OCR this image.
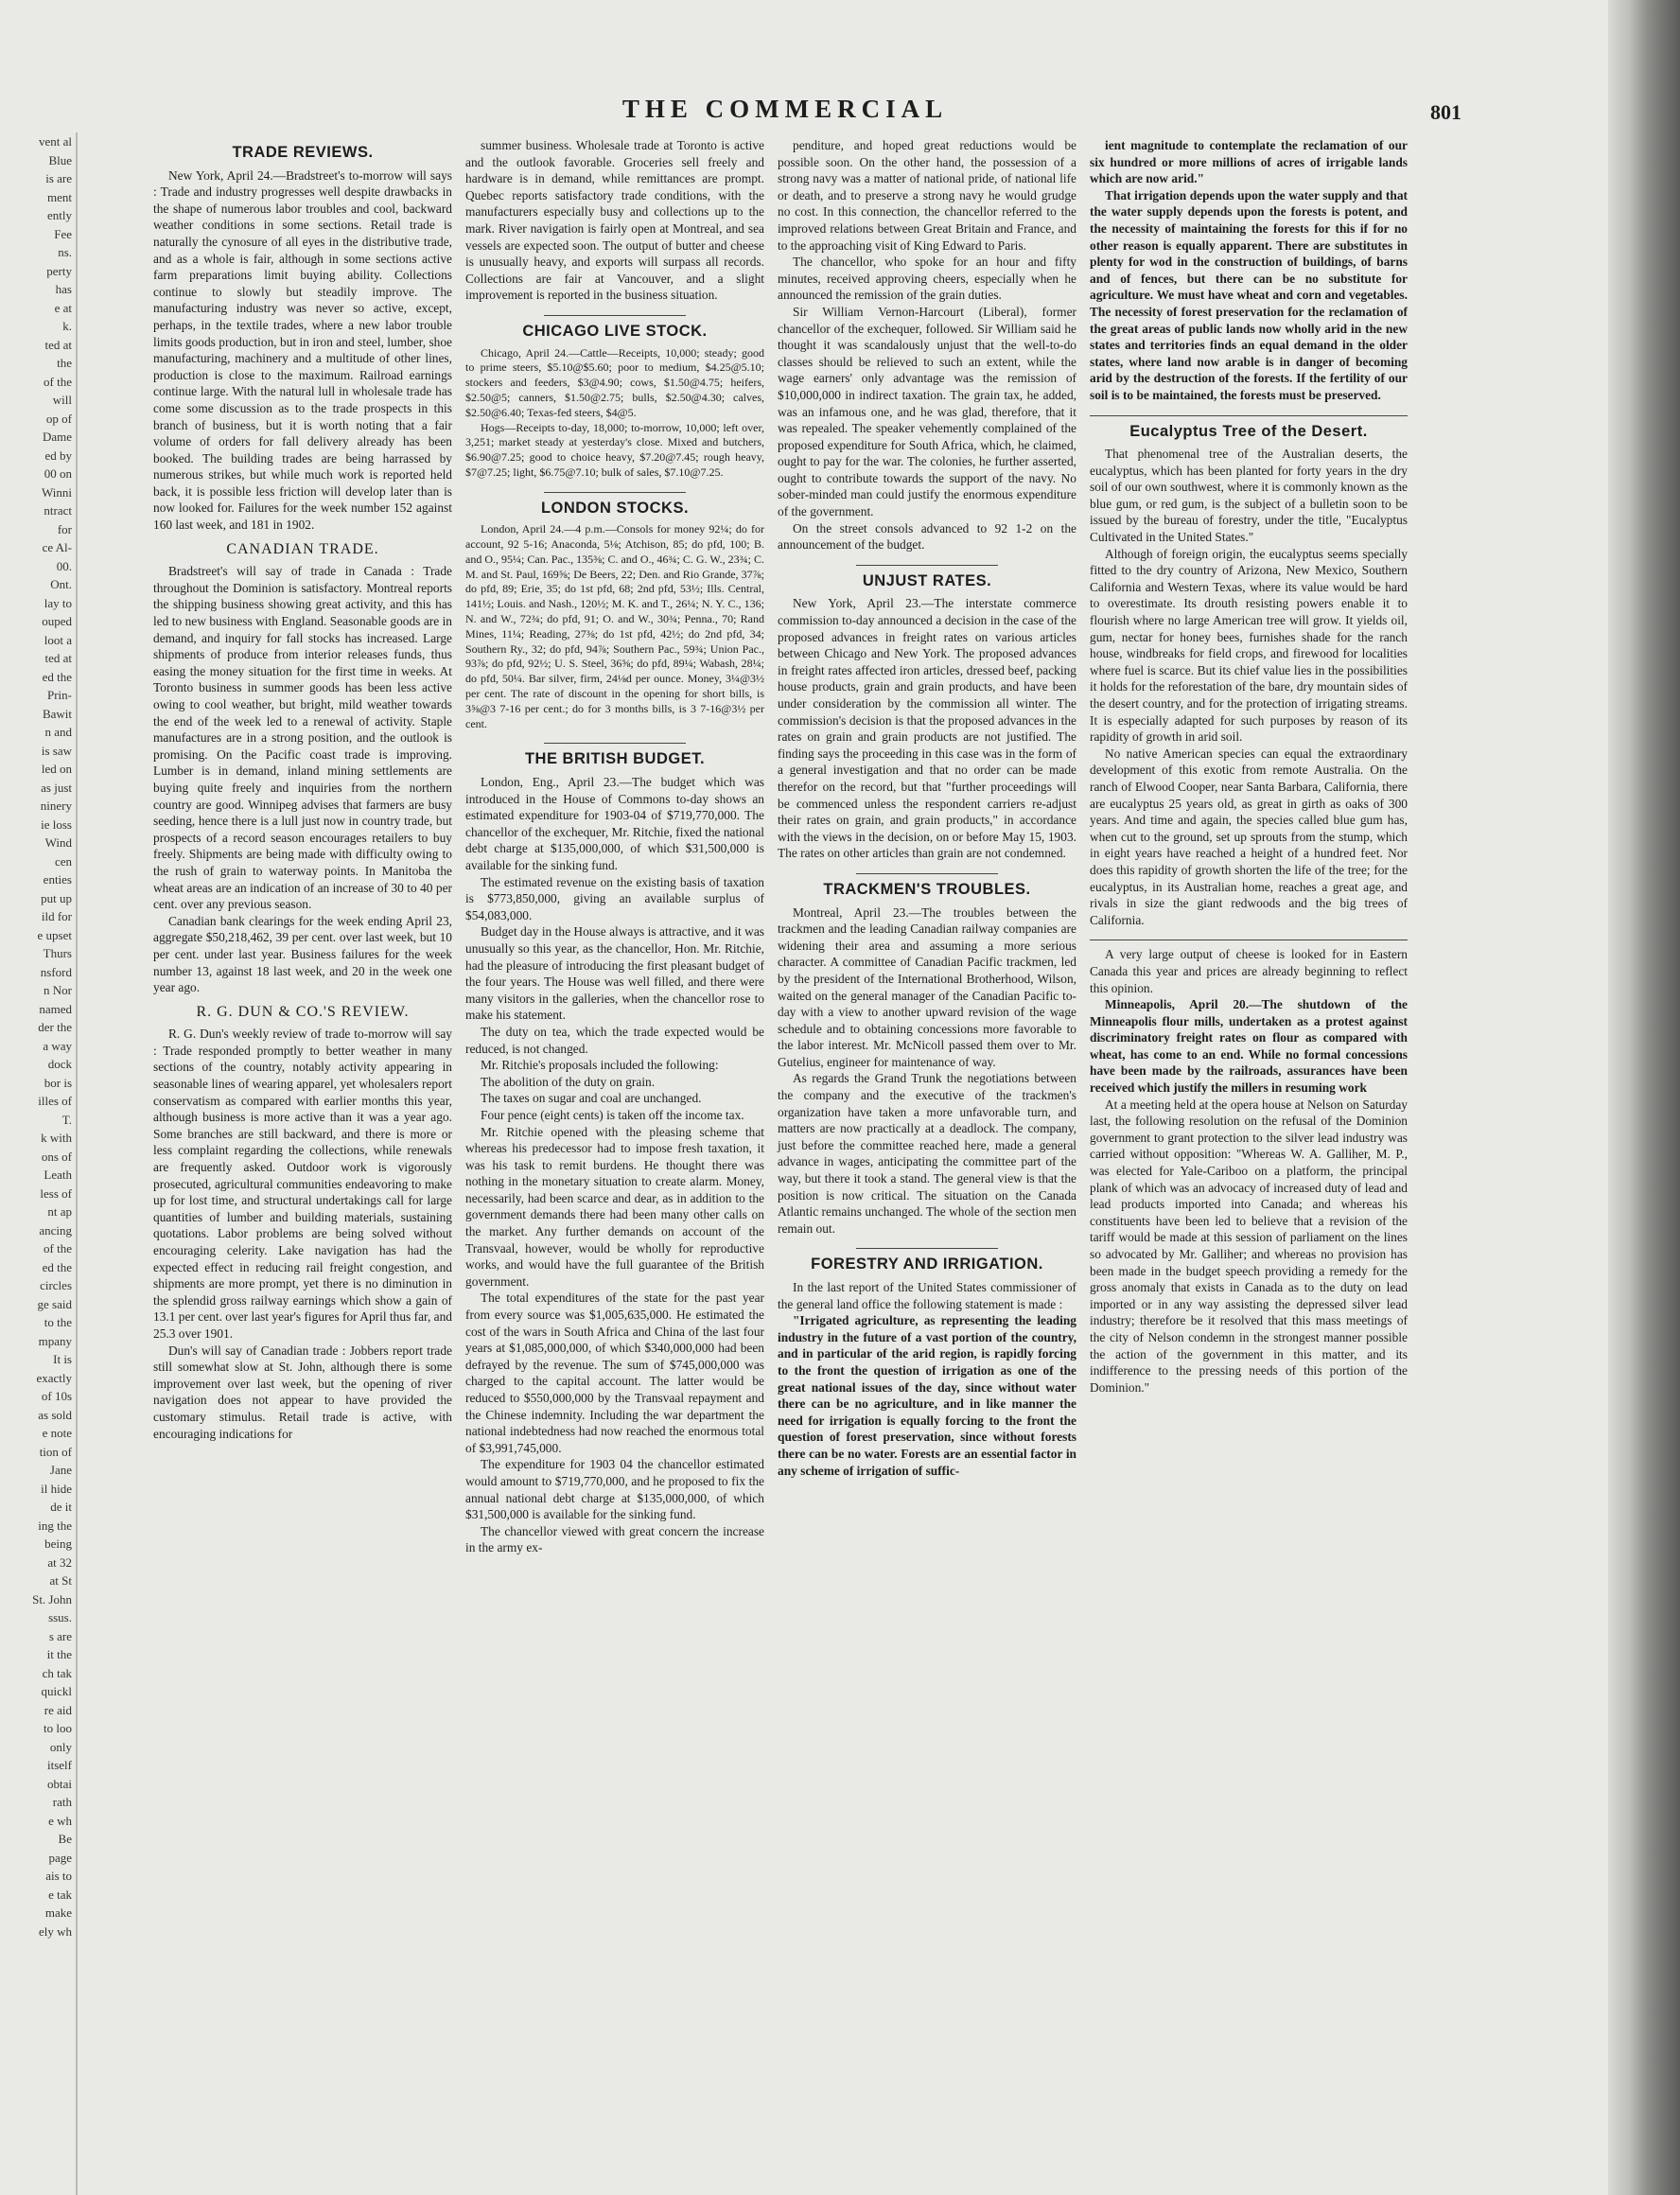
vent al
Blue
is are
ment
ently
Fee
ns.
perty
has
e at
k.
ted at
the
of the
will
op of
Dame
ed by
00 on
Winni
ntract
for
ce Al-
00.
Ont.
lay to
ouped
loot a
ted at
ed the
Prin-
Bawit
n and
is saw
led on
as just
ninery
ie loss
Wind
cen
enties
put up
ild for
e upset
Thurs
nsford
n Nor
named
der the
a way
dock
bor is
illes of
T.
k with
ons of
Leath
less of
nt ap
ancing
of the
ed the
circles
ge said
to the
mpany
It is
exactly
of 10s
as sold
e note
tion of
Jane
il hide
de it
ing the
being
at 32
at St
St. John
ssus.
s are
it the
ch tak
quickl
re aid
to loo
only
itself
obtai
rath
e wh
Be
page
ais to
e tak
make
ely wh
THE COMMERCIAL	801
TRADE REVIEWS.

New York, April 24.—Bradstreet's to-morrow will says : Trade and industry progresses well despite drawbacks in the shape of numerous labor troubles and cool, backward weather conditions in some sections. Retail trade is naturally the cynosure of all eyes in the distributive trade, and as a whole is fair, although in some sections active farm preparations limit buying ability. Collections continue to slowly but steadily improve. The manufacturing industry was never so active, except, perhaps, in the textile trades, where a new labor trouble limits goods production, but in iron and steel, lumber, shoe manufacturing, machinery and a multitude of other lines, production is close to the maximum. Railroad earnings continue large. With the natural lull in wholesale trade has come some discussion as to the trade prospects in this branch of business, but it is worth noting that a fair volume of orders for fall delivery already has been booked. The building trades are being harrassed by numerous strikes, but while much work is reported held back, it is possible less friction will develop later than is now looked for. Failures for the week number 152 against 160 last week, and 181 in 1902.

CANADIAN TRADE.

Bradstreet's will say of trade in Canada : Trade throughout the Dominion is satisfactory. Montreal reports the shipping business showing great activity, and this has led to new business with England. Seasonable goods are in demand, and inquiry for fall stocks has increased. Large shipments of produce from interior releases funds, thus easing the money situation for the first time in weeks. At Toronto business in summer goods has been less active owing to cool weather, but bright, mild weather towards the end of the week led to a renewal of activity. Staple manufactures are in a strong position, and the outlook is promising. On the Pacific coast trade is improving. Lumber is in demand, inland mining settlements are buying quite freely and inquiries from the northern country are good. Winnipeg advises that farmers are busy seeding, hence there is a lull just now in country trade, but prospects of a record season encourages retailers to buy freely. Shipments are being made with difficulty owing to the rush of grain to waterway points. In Manitoba the wheat areas are an indication of an increase of 30 to 40 per cent. over any previous season.

Canadian bank clearings for the week ending April 23, aggregate $50,218,462, 39 per cent. over last week, but 10 per cent. under last year. Business failures for the week number 13, against 18 last week, and 20 in the week one year ago.

R. G. DUN & CO.'S REVIEW.

R. G. Dun's weekly review of trade to-morrow will say : Trade responded promptly to better weather in many sections of the country, notably activity appearing in seasonable lines of wearing apparel, yet wholesalers report conservatism as compared with earlier months this year, although business is more active than it was a year ago. Some branches are still backward, and there is more or less complaint regarding the collections, while renewals are frequently asked. Outdoor work is vigorously prosecuted, agricultural communities endeavoring to make up for lost time, and structural undertakings call for large quantities of lumber and building materials, sustaining quotations. Labor problems are being solved without encouraging celerity. Lake navigation has had the expected effect in reducing rail freight congestion, and shipments are more prompt, yet there is no diminution in the splendid gross railway earnings which show a gain of 13.1 per cent. over last year's figures for April thus far, and 25.3 over 1901.

Dun's will say of Canadian trade : Jobbers report trade still somewhat slow at St. John, although there is some improvement over last week, but the opening of river navigation does not appear to have provided the customary stimulus. Retail trade is active, with encouraging indications for

summer business. Wholesale trade at Toronto is active and the outlook favorable. Groceries sell freely and hardware is in demand, while remittances are prompt. Quebec reports satisfactory trade conditions, with the manufacturers especially busy and collections up to the mark. River navigation is fairly open at Montreal, and sea vessels are expected soon. The output of butter and cheese is unusually heavy, and exports will surpass all records. Collections are fair at Vancouver, and a slight improvement is reported in the business situation.

CHICAGO LIVE STOCK.

Chicago, April 24.—Cattle—Receipts, 10,000; steady; good to prime steers, $5.10@$5.60; poor to medium, $4.25@5.10; stockers and feeders, $3@4.90; cows, $1.50@4.75; heifers, $2.50@5; canners, $1.50@2.75; bulls, $2.50@4.30; calves, $2.50@6.40; Texas-fed steers, $4@5.

Hogs—Receipts to-day, 18,000; to-morrow, 10,000; left over, 3,251; market steady at yesterday's close. Mixed and butchers, $6.90@7.25; good to choice heavy, $7.20@7.45; rough heavy, $7@7.25; light, $6.75@7.10; bulk of sales, $7.10@7.25.

LONDON STOCKS.

London, April 24.—4 p.m.—Consols for money 92¼; do for account, 92 5-16; Anaconda, 5⅛; Atchison, 85; do pfd, 100; B. and O., 95¼; Can. Pac., 135⅜; C. and O., 46¾; C. G. W., 23¾; C. M. and St. Paul, 169⅝; De Beers, 22; Den. and Rio Grande, 37⅞; do pfd, 89; Erie, 35; do 1st pfd, 68; 2nd pfd, 53½; Ills. Central, 141½; Louis. and Nash., 120½; M. K. and T., 26¼; N. Y. C., 136; N. and W., 72¾; do pfd, 91; O. and W., 30¾; Penna., 70; Rand Mines, 11¼; Reading, 27⅜; do 1st pfd, 42½; do 2nd pfd, 34; Southern Ry., 32; do pfd, 94⅞; Southern Pac., 59¾; Union Pac., 93⅞; do pfd, 92½; U. S. Steel, 36⅝; do pfd, 89¼; Wabash, 28¼; do pfd, 50¼. Bar silver, firm, 24⅛d per ounce. Money, 3¼@3½ per cent. The rate of discount in the opening for short bills, is 3⅝@3 7-16 per cent.; do for 3 months bills, is 3 7-16@3½ per cent.

THE BRITISH BUDGET.

London, Eng., April 23.—The budget which was introduced in the House of Commons to-day shows an estimated expenditure for 1903-04 of $719,770,000. The chancellor of the exchequer, Mr. Ritchie, fixed the national debt charge at $135,000,000, of which $31,500,000 is available for the sinking fund.

The estimated revenue on the existing basis of taxation is $773,850,000, giving an available surplus of $54,083,000.

Budget day in the House always is attractive, and it was unusually so this year, as the chancellor, Hon. Mr. Ritchie, had the pleasure of introducing the first pleasant budget of the four years. The House was well filled, and there were many visitors in the galleries, when the chancellor rose to make his statement.

The duty on tea, which the trade expected would be reduced, is not changed.

Mr. Ritchie's proposals included the following:

The abolition of the duty on grain.

The taxes on sugar and coal are unchanged.

Four pence (eight cents) is taken off the income tax.

Mr. Ritchie opened with the pleasing scheme that whereas his predecessor had to impose fresh taxation, it was his task to remit burdens. He thought there was nothing in the monetary situation to create alarm. Money, necessarily, had been scarce and dear, as in addition to the government demands there had been many other calls on the market. Any further demands on account of the Transvaal, however, would be wholly for reproductive works, and would have the full guarantee of the British government.

The total expenditures of the state for the past year from every source was $1,005,635,000. He estimated the cost of the wars in South Africa and China of the last four years at $1,085,000,000, of which $340,000,000 had been defrayed by the revenue. The sum of $745,000,000 was charged to the capital account. The latter would be reduced to $550,000,000 by the Transvaal repayment and the Chinese indemnity. Including the war department the national indebtedness had now reached the enormous total of $3,991,745,000.

The expenditure for 1903 04 the chancellor estimated would amount to $719,770,000, and he proposed to fix the annual national debt charge at $135,000,000, of which $31,500,000 is available for the sinking fund.

The chancellor viewed with great concern the increase in the army ex-

penditure, and hoped great reductions would be possible soon. On the other hand, the possession of a strong navy was a matter of national pride, of national life or death, and to preserve a strong navy he would grudge no cost. In this connection, the chancellor referred to the improved relations between Great Britain and France, and to the approaching visit of King Edward to Paris.

The chancellor, who spoke for an hour and fifty minutes, received approving cheers, especially when he announced the remission of the grain duties.

Sir William Vernon-Harcourt (Liberal), former chancellor of the exchequer, followed. Sir William said he thought it was scandalously unjust that the well-to-do classes should be relieved to such an extent, while the wage earners' only advantage was the remission of $10,000,000 in indirect taxation. The grain tax, he added, was an infamous one, and he was glad, therefore, that it was repealed. The speaker vehemently complained of the proposed expenditure for South Africa, which, he claimed, ought to pay for the war. The colonies, he further asserted, ought to contribute towards the support of the navy. No sober-minded man could justify the enormous expenditure of the government.

On the street consols advanced to 92 1-2 on the announcement of the budget.

UNJUST RATES.

New York, April 23.—The interstate commerce commission to-day announced a decision in the case of the proposed advances in freight rates on various articles between Chicago and New York. The proposed advances in freight rates affected iron articles, dressed beef, packing house products, grain and grain products, and have been under consideration by the commission all winter. The commission's decision is that the proposed advances in the rates on grain and grain products are not justified. The finding says the proceeding in this case was in the form of a general investigation and that no order can be made therefor on the record, but that "further proceedings will be commenced unless the respondent carriers re-adjust their rates on grain, and grain products," in accordance with the views in the decision, on or before May 15, 1903. The rates on other articles than grain are not condemned.

TRACKMEN'S TROUBLES.

Montreal, April 23.—The troubles between the trackmen and the leading Canadian railway companies are widening their area and assuming a more serious character. A committee of Canadian Pacific trackmen, led by the president of the International Brotherhood, Wilson, waited on the general manager of the Canadian Pacific to-day with a view to another upward revision of the wage schedule and to obtaining concessions more favorable to the labor interest. Mr. McNicoll passed them over to Mr. Gutelius, engineer for maintenance of way.

As regards the Grand Trunk the negotiations between the company and the executive of the trackmen's organization have taken a more unfavorable turn, and matters are now practically at a deadlock. The company, just before the committee reached here, made a general advance in wages, anticipating the committee part of the way, but there it took a stand. The general view is that the position is now critical. The situation on the Canada Atlantic remains unchanged. The whole of the section men remain out.

FORESTRY AND IRRIGATION.

In the last report of the United States commissioner of the general land office the following statement is made :

"Irrigated agriculture, as representing the leading industry in the future of a vast portion of the country, and in particular of the arid region, is rapidly forcing to the front the question of irrigation as one of the great national issues of the day, since without water there can be no agriculture, and in like manner the need for irrigation is equally forcing to the front the question of forest preservation, since without forests there can be no water. Forests are an essential factor in any scheme of irrigation of suffic-

ient magnitude to contemplate the reclamation of our six hundred or more millions of acres of irrigable lands which are now arid."

That irrigation depends upon the water supply and that the water supply depends upon the forests is potent, and the necessity of maintaining the forests for this if for no other reason is equally apparent. There are substitutes in plenty for wod in the construction of buildings, of barns and of fences, but there can be no substitute for agriculture. We must have wheat and corn and vegetables. The necessity of forest preservation for the reclamation of the great areas of public lands now wholly arid in the new states and territories finds an equal demand in the older states, where land now arable is in danger of becoming arid by the destruction of the forests. If the fertility of our soil is to be maintained, the forests must be preserved.

Eucalyptus Tree of the Desert.

That phenomenal tree of the Australian deserts, the eucalyptus, which has been planted for forty years in the dry soil of our own southwest, where it is commonly known as the blue gum, or red gum, is the subject of a bulletin soon to be issued by the bureau of forestry, under the title, "Eucalyptus Cultivated in the United States."

Although of foreign origin, the eucalyptus seems specially fitted to the dry country of Arizona, New Mexico, Southern California and Western Texas, where its value would be hard to overestimate. Its drouth resisting powers enable it to flourish where no large American tree will grow. It yields oil, gum, nectar for honey bees, furnishes shade for the ranch house, windbreaks for field crops, and firewood for localities where fuel is scarce. But its chief value lies in the possibilities it holds for the reforestation of the bare, dry mountain sides of the desert country, and for the protection of irrigating streams. It is especially adapted for such purposes by reason of its rapidity of growth in arid soil.

No native American species can equal the extraordinary development of this exotic from remote Australia. On the ranch of Elwood Cooper, near Santa Barbara, California, there are eucalyptus 25 years old, as great in girth as oaks of 300 years. And time and again, the species called blue gum has, when cut to the ground, set up sprouts from the stump, which in eight years have reached a height of a hundred feet. Nor does this rapidity of growth shorten the life of the tree; for the eucalyptus, in its Australian home, reaches a great age, and rivals in size the giant redwoods and the big trees of California.

A very large output of cheese is looked for in Eastern Canada this year and prices are already beginning to reflect this opinion.

Minneapolis, April 20.—The shutdown of the Minneapolis flour mills, undertaken as a protest against discriminatory freight rates on flour as compared with wheat, has come to an end. While no formal concessions have been made by the railroads, assurances have been received which justify the millers in resuming work

At a meeting held at the opera house at Nelson on Saturday last, the following resolution on the refusal of the Dominion government to grant protection to the silver lead industry was carried without opposition: "Whereas W. A. Galliher, M. P., was elected for Yale-Cariboo on a platform, the principal plank of which was an advocacy of increased duty of lead and lead products imported into Canada; and whereas his constituents have been led to believe that a revision of the tariff would be made at this session of parliament on the lines so advocated by Mr. Galliher; and whereas no provision has been made in the budget speech providing a remedy for the gross anomaly that exists in Canada as to the duty on lead imported or in any way assisting the depressed silver lead industry; therefore be it resolved that this mass meetings of the city of Nelson condemn in the strongest manner possible the action of the government in this matter, and its indifference to the pressing needs of this portion of the Dominion."
